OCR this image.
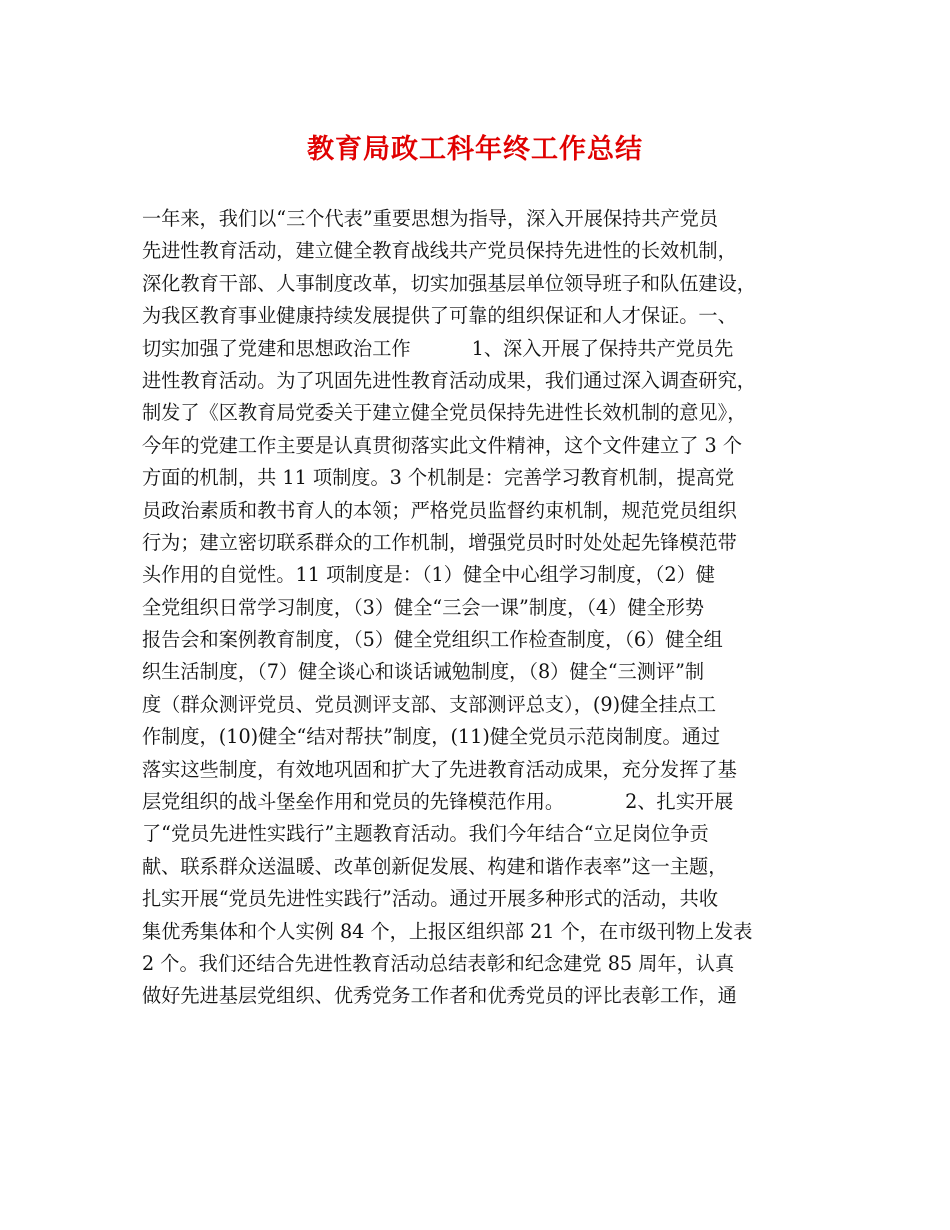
教育局政工科年终工作总结
一年来，我们以“三个代表”重要思想为指导，深入开展保持共产党员
先进性教育活动，建立健全教育战线共产党员保持先进性的长效机制，
深化教育干部、人事制度改革，切实加强基层单位领导班子和队伍建设，
为我区教育事业健康持续发展提供了可靠的组织保证和人才保证。一、
切实加强了党建和思想政治工作          1、深入开展了保持共产党员先
进性教育活动。为了巩固先进性教育活动成果，我们通过深入调查研究，
制发了《区教育局党委关于建立健全党员保持先进性长效机制的意见》，
今年的党建工作主要是认真贯彻落实此文件精神，这个文件建立了 3 个
方面的机制，共 11 项制度。3 个机制是：完善学习教育机制，提高党
员政治素质和教书育人的本领；严格党员监督约束机制，规范党员组织
行为；建立密切联系群众的工作机制，增强党员时时处处起先锋模范带
头作用的自觉性。11 项制度是：（1）健全中心组学习制度，（2）健
全党组织日常学习制度，（3）健全“三会一课”制度，（4）健全形势
报告会和案例教育制度，（5）健全党组织工作检查制度，（6）健全组
织生活制度，（7）健全谈心和谈话诫勉制度，（8）健全“三测评”制
度（群众测评党员、党员测评支部、支部测评总支），(9)健全挂点工
作制度，(10)健全“结对帮扶”制度，(11)健全党员示范岗制度。通过
落实这些制度，有效地巩固和扩大了先进教育活动成果，充分发挥了基
层党组织的战斗堡垒作用和党员的先锋模范作用。          2、扎实开展
了“党员先进性实践行”主题教育活动。我们今年结合“立足岗位争贡
献、联系群众送温暖、改革创新促发展、构建和谐作表率”这一主题，
扎实开展“党员先进性实践行”活动。通过开展多种形式的活动，共收
集优秀集体和个人实例 84 个，上报区组织部 21 个，在市级刊物上发表
2 个。我们还结合先进性教育活动总结表彰和纪念建党 85 周年，认真
做好先进基层党组织、优秀党务工作者和优秀党员的评比表彰工作，通
